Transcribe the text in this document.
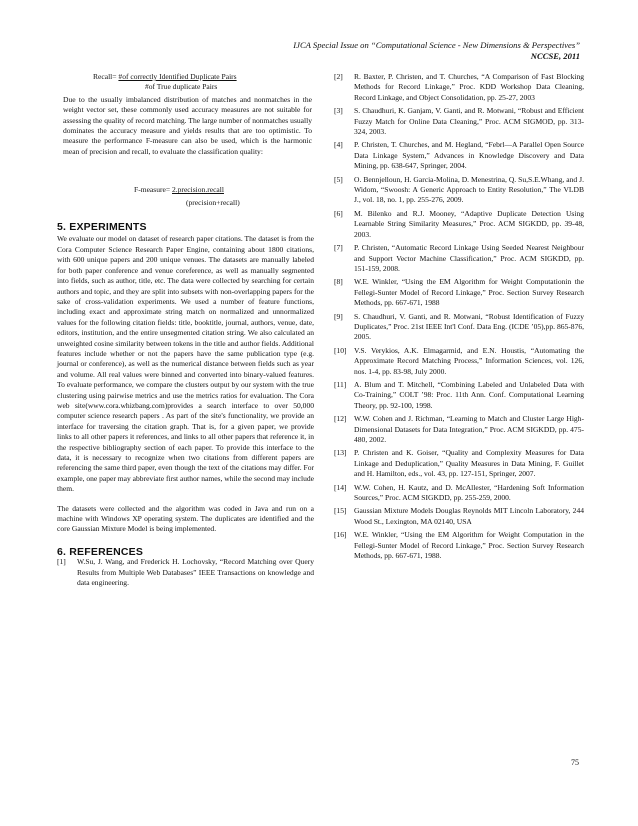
IJCA Special Issue on “Computational Science - New Dimensions & Perspectives”
NCCSE, 2011
Recall= #of correctly Identified Duplicate Pairs
#of True duplicate Pairs

Due to the usually imbalanced distribution of matches and nonmatches in the weight vector set, these commonly used accuracy measures are not suitable for assessing the quality of record matching. The large number of nonmatches usually dominates the accuracy measure and yields results that are too optimistic. To measure the performance F-measure can also be used, which is the harmonic mean of precision and recall, to evaluate the classification quality:

F-measure= 2.precision.recall
(precision+recall)
5. EXPERIMENTS

We evaluate our model on dataset of research paper citations. The dataset is from the Cora Computer Science Research Paper Engine, containing about 1800 citations, with 600 unique papers and 200 unique venues. The datasets are manually labeled for both paper conference and venue coreference, as well as manually segmented into fields, such as author, title, etc. The data were collected by searching for certain authors and topic, and they are split into subsets with non-overlapping papers for the sake of cross-validation experiments. We used a number of feature functions, including exact and approximate string match on normalized and unnormalized values for the following citation fields: title, booktitle, journal, authors, venue, date, editors, institution, and the entire unsegmented citation string. We also calculated an unweighted cosine similarity between tokens in the title and author fields. Additional features include whether or not the papers have the same publication type (e.g. journal or conference), as well as the numerical distance between fields such as year and volume. All real values were binned and converted into binary-valued features. To evaluate performance, we compare the clusters output by our system with the true clustering using pairwise metrics and use the metrics ratios for evaluation. The Cora web site(www.cora.whizbang.com)provides a search interface to over 50,000 computer science research papers . As part of the site's functionality, we provide an interface for traversing the citation graph. That is, for a given paper, we provide links to all other papers it references, and links to all other papers that reference it, in the respective bibliography section of each paper. To provide this interface to the data, it is necessary to recognize when two citations from different papers are referencing the same third paper, even though the text of the citations may differ. For example, one paper may abbreviate first author names, while the second may include them.

The datasets were collected and the algorithm was coded in Java and run on a machine with Windows XP operating system. The duplicates are identified and the core Gaussian Mixture Model is being implemented.

6. REFERENCES
[1]	W.Su, J. Wang, and Frederick H. Lochovsky, “Record Matching over Query Results from Multiple Web Databases” IEEE Transactions on knowledge and data engineering.
[2]	R. Baxter, P. Christen, and T. Churches, “A Comparison of Fast Blocking Methods for Record Linkage,” Proc. KDD Workshop Data Cleaning, Record Linkage, and Object Consolidation, pp. 25-27, 2003
[3]	S. Chaudhuri, K. Ganjam, V. Ganti, and R. Motwani, “Robust and Efficient Fuzzy Match for Online Data Cleaning,” Proc. ACM SIGMOD, pp. 313-324, 2003.
[4]	P. Christen, T. Churches, and M. Hegland, “Febrl—A Parallel Open Source Data Linkage System,” Advances in Knowledge Discovery and Data Mining, pp. 638-647, Springer, 2004.
[5]	O. Bennjelloun, H. Garcia-Molina, D. Menestrina, Q. Su,S.E.Whang, and J. Widom, “Swoosh: A Generic Approach to Entity Resolution,” The VLDB J., vol. 18, no. 1, pp. 255-276, 2009.
[6]	M. Bilenko and R.J. Mooney, “Adaptive Duplicate Detection Using Learnable String Similarity Measures,” Proc. ACM SIGKDD, pp. 39-48, 2003.
[7]	P. Christen, “Automatic Record Linkage Using Seeded Nearest Neighbour and Support Vector Machine Classification,” Proc. ACM SIGKDD, pp. 151-159, 2008.
[8]	W.E. Winkler, “Using the EM Algorithm for Weight Computationin the Fellegi-Sunter Model of Record Linkage,” Proc. Section Survey Research Methods, pp. 667-671, 1988
[9]	S. Chaudhuri, V. Ganti, and R. Motwani, “Robust Identification of Fuzzy Duplicates,” Proc. 21st IEEE Int'l Conf. Data Eng. (ICDE ’05),pp. 865-876, 2005.
[10] V.S. Verykios, A.K. Elmagarmid, and E.N. Houstis, “Automating the Approximate Record Matching Process,” Information Sciences, vol. 126, nos. 1-4, pp. 83-98, July 2000.
[11]	A. Blum and T. Mitchell, “Combining Labeled and Unlabeled Data with Co-Training,” COLT ’98: Proc. 11th Ann. Conf. Computational Learning Theory, pp. 92-100, 1998.
[12] W.W. Cohen and J. Richman, “Learning to Match and Cluster Large High-Dimensional Datasets for Data Integration,” Proc. ACM SIGKDD, pp. 475-480, 2002.
[13] P. Christen and K. Goiser, “Quality and Complexity Measures for Data Linkage and Deduplication,” Quality Measures in Data Mining, F. Guillet and H. Hamilton, eds., vol. 43, pp. 127-151, Springer, 2007.
[14] W.W. Cohen, H. Kautz, and D. McAllester, “Hardening Soft Information Sources,” Proc. ACM SIGKDD, pp. 255-259, 2000.
[15] Gaussian Mixture Models Douglas Reynolds MIT Lincoln Laboratory, 244 Wood St., Lexington, MA 02140, USA
[16] W.E. Winkler, “Using the EM Algorithm for Weight Computation in the Fellegi-Sunter Model of Record Linkage,” Proc. Section Survey Research Methods, pp. 667-671, 1988.
75
